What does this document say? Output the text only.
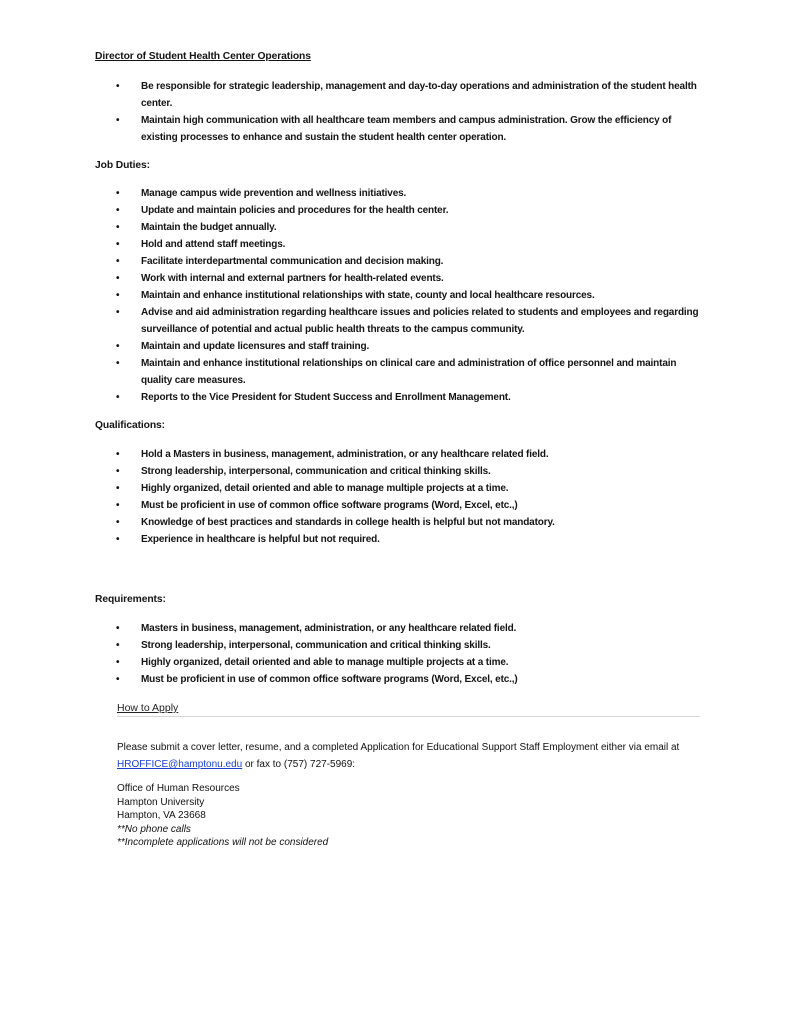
Director of Student Health Center Operations
• Be responsible for strategic leadership, management and day-to-day operations and administration of the student health center.
• Maintain high communication with all healthcare team members and campus administration. Grow the efficiency of existing processes to enhance and sustain the student health center operation.
Job Duties:
• Manage campus wide prevention and wellness initiatives.
• Update and maintain policies and procedures for the health center.
• Maintain the budget annually.
• Hold and attend staff meetings.
• Facilitate interdepartmental communication and decision making.
• Work with internal and external partners for health-related events.
• Maintain and enhance institutional relationships with state, county and local healthcare resources.
• Advise and aid administration regarding healthcare issues and policies related to students and employees and regarding surveillance of potential and actual public health threats to the campus community.
• Maintain and update licensures and staff training.
• Maintain and enhance institutional relationships on clinical care and administration of office personnel and maintain quality care measures.
• Reports to the Vice President for Student Success and Enrollment Management.
Qualifications:
• Hold a Masters in business, management, administration, or any healthcare related field.
• Strong leadership, interpersonal, communication and critical thinking skills.
• Highly organized, detail oriented and able to manage multiple projects at a time.
• Must be proficient in use of common office software programs (Word, Excel, etc.,)
• Knowledge of best practices and standards in college health is helpful but not mandatory.
• Experience in healthcare is helpful but not required.
Requirements:
• Masters in business, management, administration, or any healthcare related field.
• Strong leadership, interpersonal, communication and critical thinking skills.
• Highly organized, detail oriented and able to manage multiple projects at a time.
• Must be proficient in use of common office software programs (Word, Excel, etc.,)
How to Apply
Please submit a cover letter, resume, and a completed Application for Educational Support Staff Employment either via email at HROFFICE@hamptonu.edu or fax to (757) 727-5969:
Office of Human Resources
Hampton University
Hampton, VA 23668
**No phone calls
**Incomplete applications will not be considered
